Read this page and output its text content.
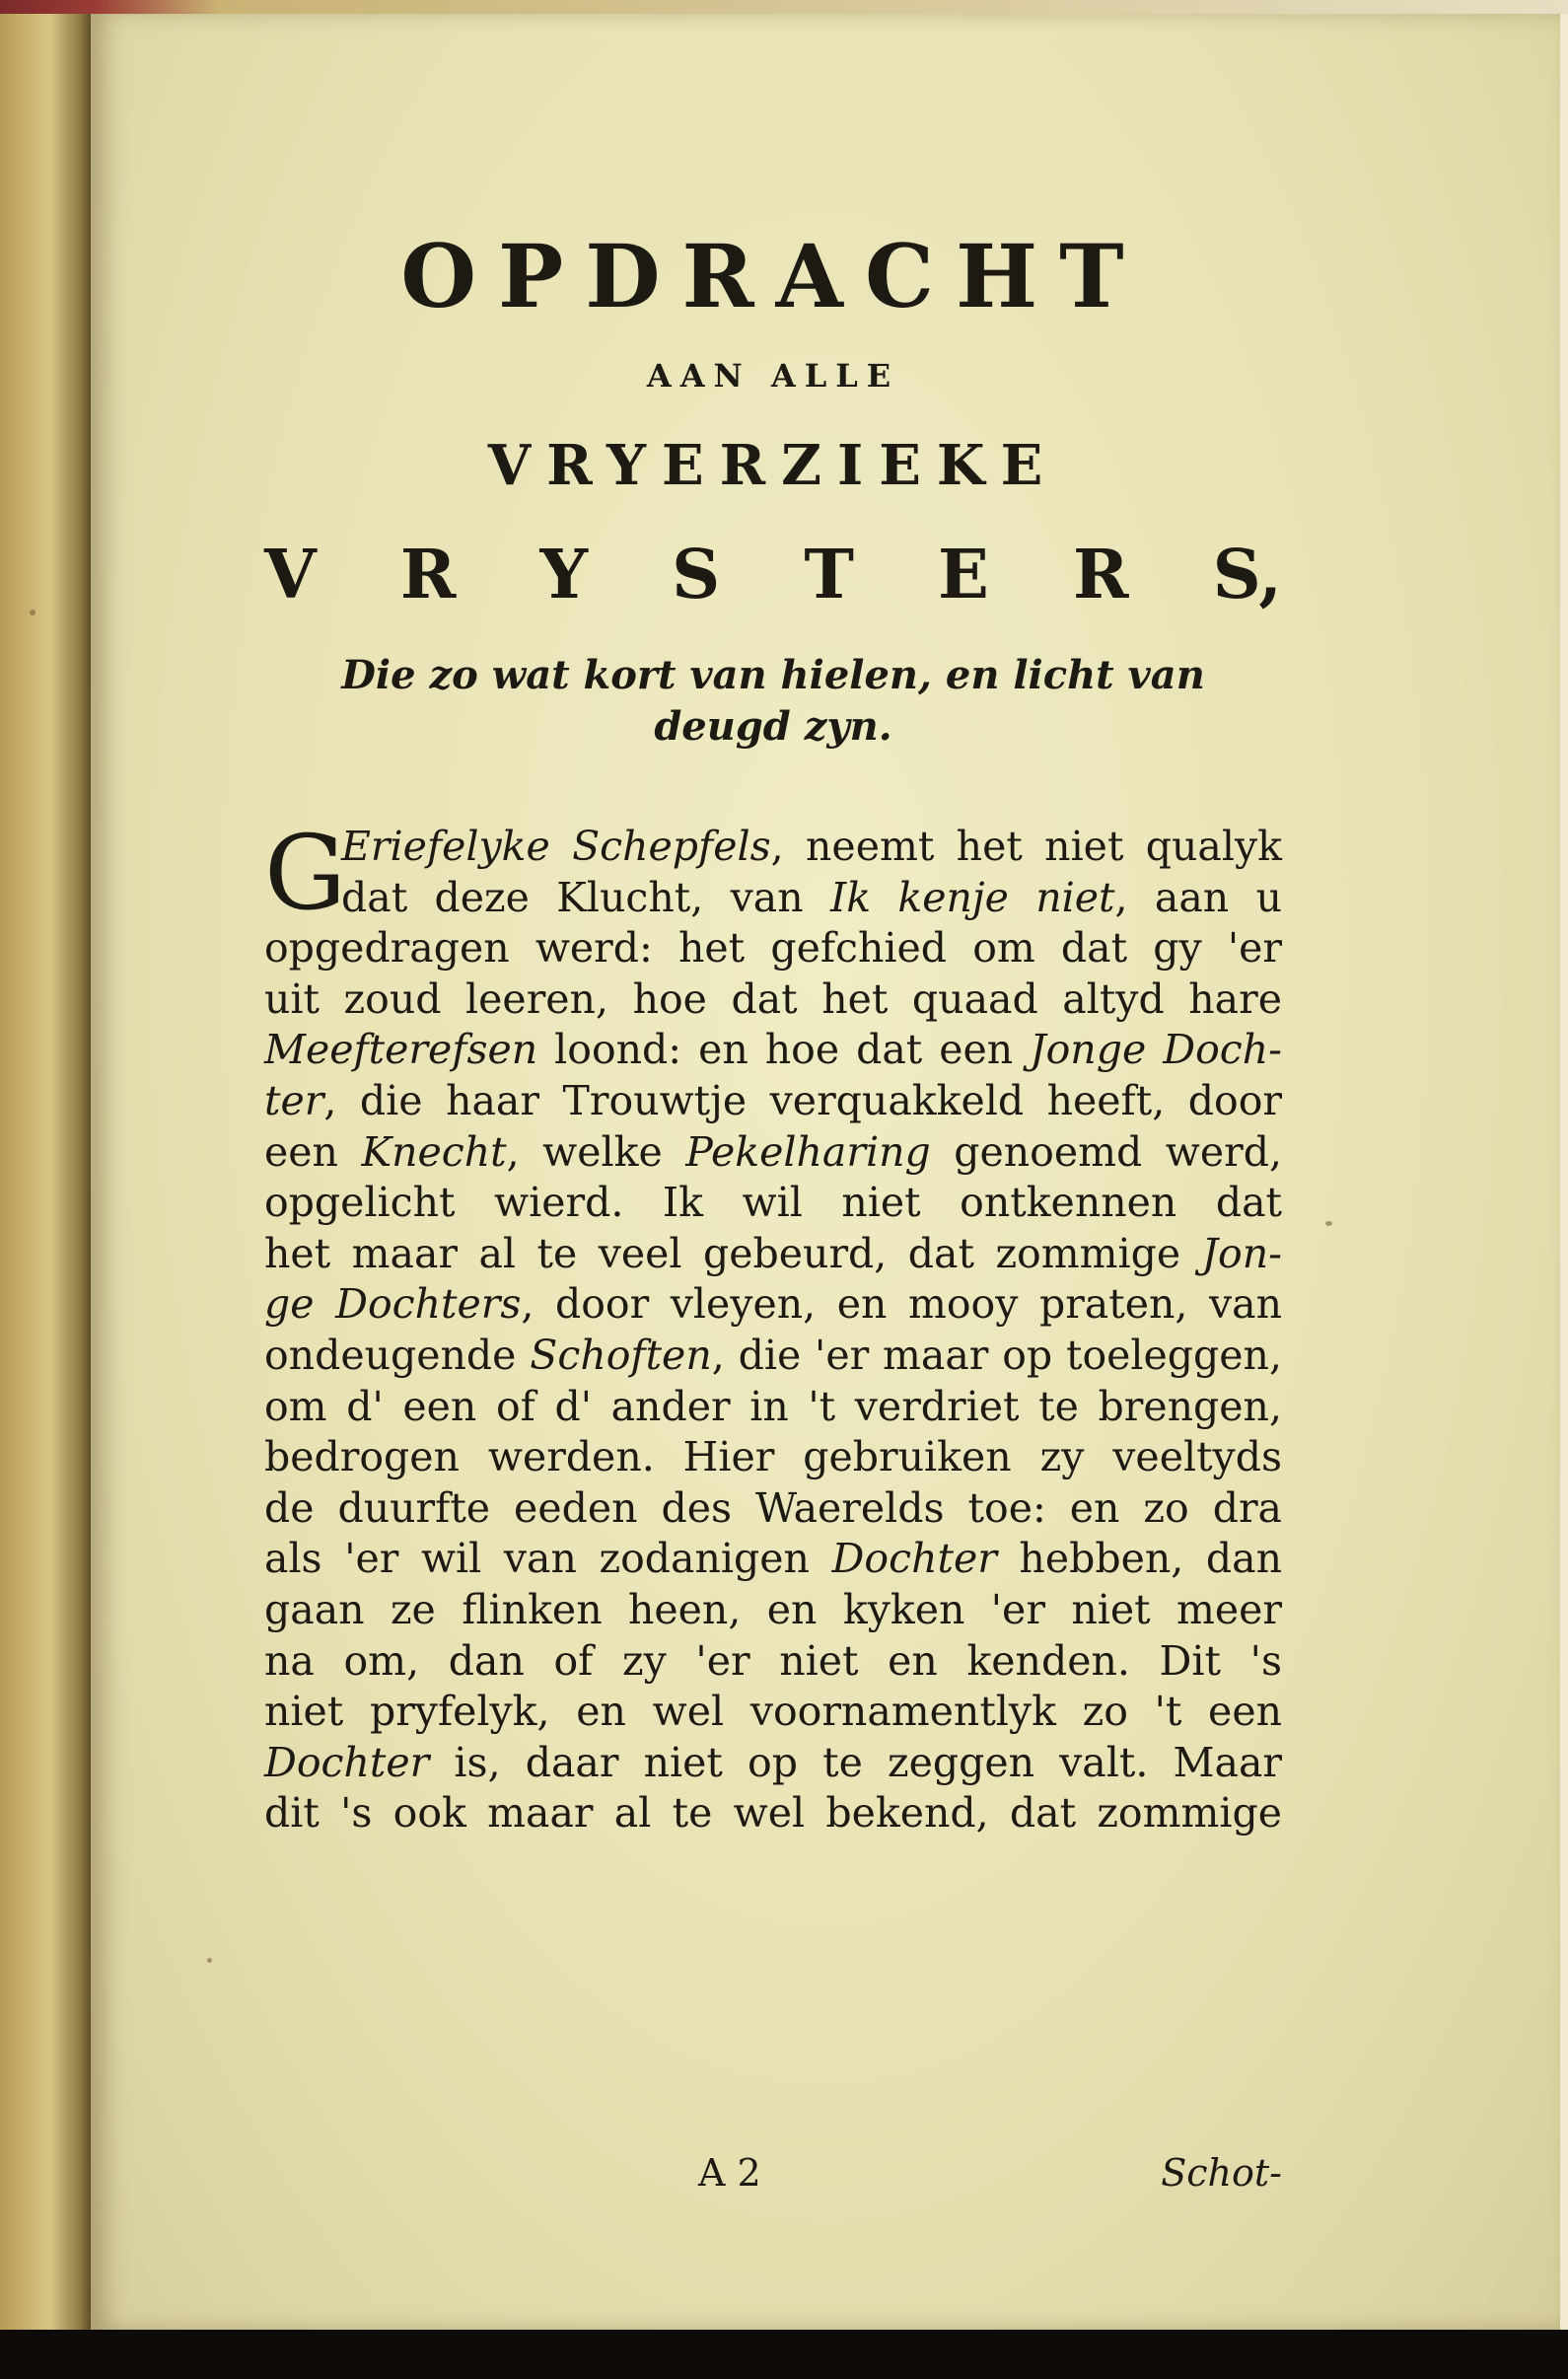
OPDRACHT
AAN ALLE
VRYERZIEKE
V R Y S T E R S,
Die zo wat kort van hielen, en licht van
deugd zyn.
G
Eriefelyke Schepfels, neemt het niet qualyk
dat deze Klucht, van Ik kenje niet, aan u
opgedragen werd: het gefchied om dat gy 'er
uit zoud leeren, hoe dat het quaad altyd hare
Meefterefsen loond: en hoe dat een Jonge Doch-
ter, die haar Trouwtje verquakkeld heeft, door
een Knecht, welke Pekelharing genoemd werd,
opgelicht wierd. Ik wil niet ontkennen dat
het maar al te veel gebeurd, dat zommige Jon-
ge Dochters, door vleyen, en mooy praten, van
ondeugende Schoften, die 'er maar op toeleggen,
om d' een of d' ander in 't verdriet te brengen,
bedrogen werden. Hier gebruiken zy veeltyds
de duurfte eeden des Waerelds toe: en zo dra
als 'er wil van zodanigen Dochter hebben, dan
gaan ze flinken heen, en kyken 'er niet meer
na om, dan of zy 'er niet en kenden. Dit 's
niet pryfelyk, en wel voornamentlyk zo 't een
Dochter is, daar niet op te zeggen valt. Maar
dit 's ook maar al te wel bekend, dat zommige
A 2	Schot-
